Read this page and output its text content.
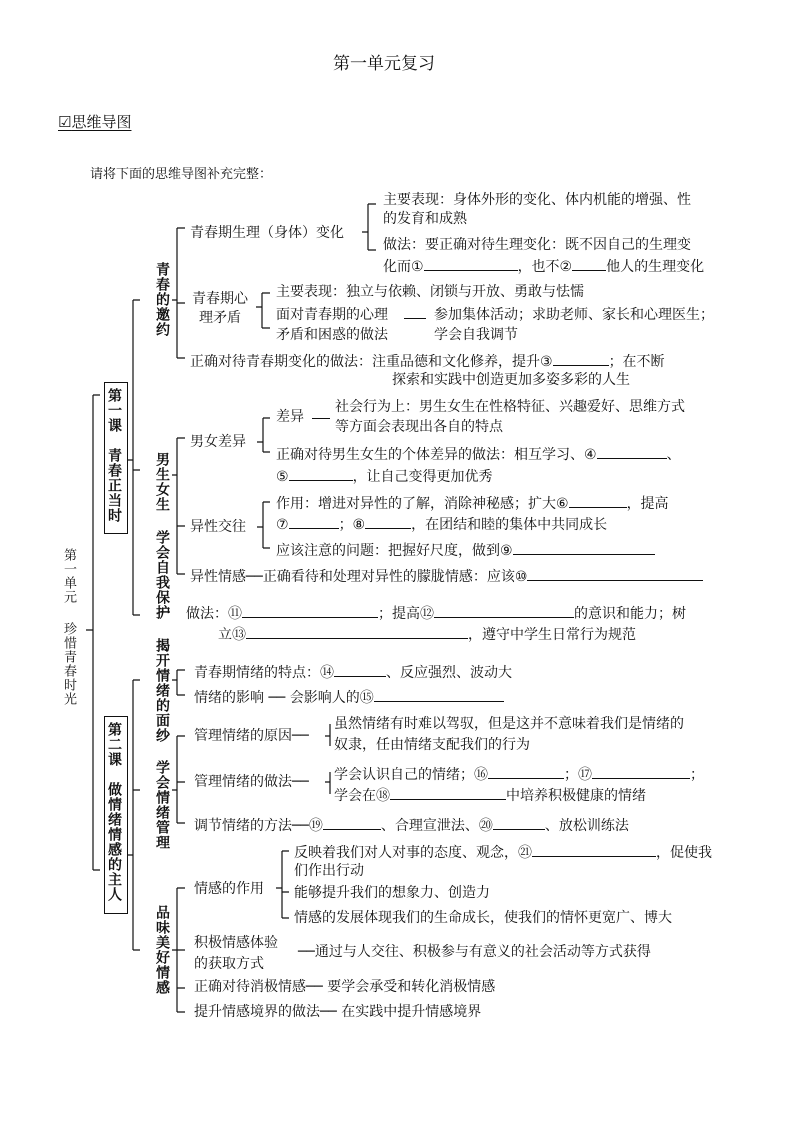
第一单元复习
☑思维导图
请将下面的思维导图补充完整：
第一单元
珍惜青春时光
第一课　青春正当时
第二课　做情绪情感的主人
青春的邀约
男生女生
学会自我保护
揭开情绪的面纱
学会情绪管理
品味美好情感
青春期生理（身体）变化
主要表现：身体外形的变化、体内机能的增强、性
的发育和成熟
做法：要正确对待生理变化：既不因自己的生理变
化而①	，也不② 他人的生理变化
青春期心
理矛盾
主要表现：独立与依赖、闭锁与开放、勇敢与怯懦
面对青春期的心理
矛盾和困惑的做法
参加集体活动；求助老师、家长和心理医生；
学会自我调节
正确对待青春期变化的做法：注重品德和文化修养，提升③	；在不断
探索和实践中创造更加多姿多彩的人生
男女差异
差异
社会行为上：男生女生在性格特征、兴趣爱好、思维方式
等方面会表现出各自的特点
正确对待男生女生的个体差异的做法：相互学习、④	、
⑤	，让自己变得更加优秀
异性交往
作用：增进对异性的了解，消除神秘感；扩大⑥	，提高
⑦	；⑧	，在团结和睦的集体中共同成长
应该注意的问题：把握好尺度，做到⑨
异性情感──正确看待和处理对异性的朦胧情感：应该⑩
做法：⑪	；提高⑫	的意识和能力；树
立⑬	，遵守中学生日常行为规范
青春期情绪的特点：⑭	、反应强烈、波动大
情绪的影响 ── 会影响人的⑮
管理情绪的原因──
虽然情绪有时难以驾驭，但是这并不意味着我们是情绪的
奴隶，任由情绪支配我们的行为
管理情绪的做法── 学会认识自己的情绪；⑯	；⑰	；
学会在⑱	中培养积极健康的情绪
调节情绪的方法──⑲	、合理宣泄法、⑳	、放松训练法
情感的作用
反映着我们对人对事的态度、观念，㉑	，促使我
们作出行动
能够提升我们的想象力、创造力
情感的发展体现我们的生命成长，使我们的情怀更宽广、博大
积极情感体验
的获取方式
──通过与人交往、积极参与有意义的社会活动等方式获得
正确对待消极情感── 要学会承受和转化消极情感
提升情感境界的做法── 在实践中提升情感境界
